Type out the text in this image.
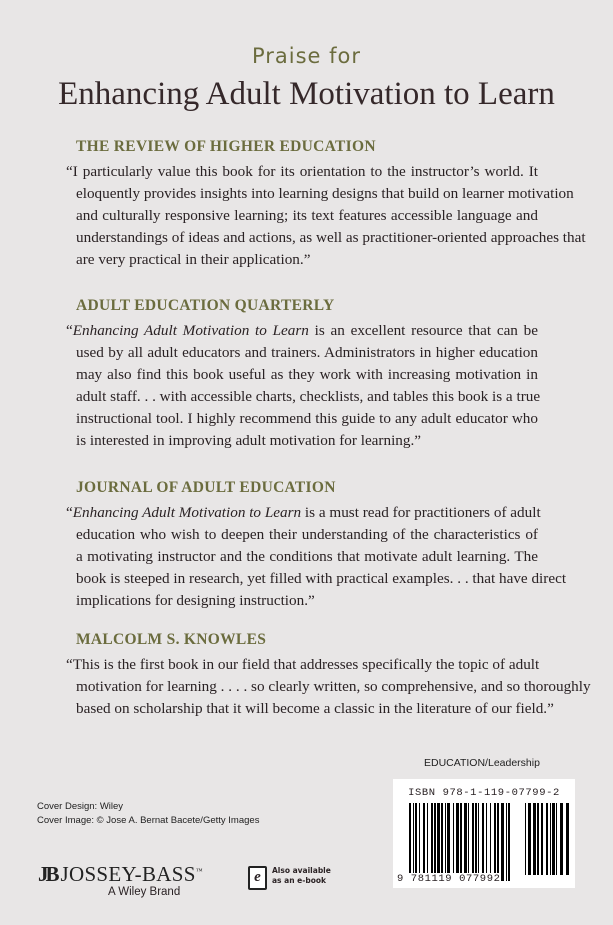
Praise for
Enhancing Adult Motivation to Learn
THE REVIEW OF HIGHER EDUCATION
“I particularly value this book for its orientation to the instructor’s world. It
eloquently provides insights into learning designs that build on learner motivation
and culturally responsive learning; its text features accessible language and
understandings of ideas and actions, as well as practitioner-oriented approaches that
are very practical in their application.”
ADULT EDUCATION QUARTERLY
“Enhancing Adult Motivation to Learn is an excellent resource that can be
used by all adult educators and trainers. Administrators in higher education
may also find this book useful as they work with increasing motivation in
adult staff. . . with accessible charts, checklists, and tables this book is a true
instructional tool. I highly recommend this guide to any adult educator who
is interested in improving adult motivation for learning.”
JOURNAL OF ADULT EDUCATION
“Enhancing Adult Motivation to Learn is a must read for practitioners of adult
education who wish to deepen their understanding of the characteristics of
a motivating instructor and the conditions that motivate adult learning. The
book is steeped in research, yet filled with practical examples. . . that have direct
implications for designing instruction.”
MALCOLM S. KNOWLES
“This is the first book in our field that addresses specifically the topic of adult
motivation for learning . . . . so clearly written, so comprehensive, and so thoroughly
based on scholarship that it will become a classic in the literature of our field.”
Cover Design: Wiley
Cover Image: © Jose A. Bernat Bacete/Getty Images
JB JOSSEY-BASS™
A Wiley Brand
e	Also available
as an e-book
EDUCATION/Leadership
ISBN 978-1-119-07799-2
9 781119 077992
